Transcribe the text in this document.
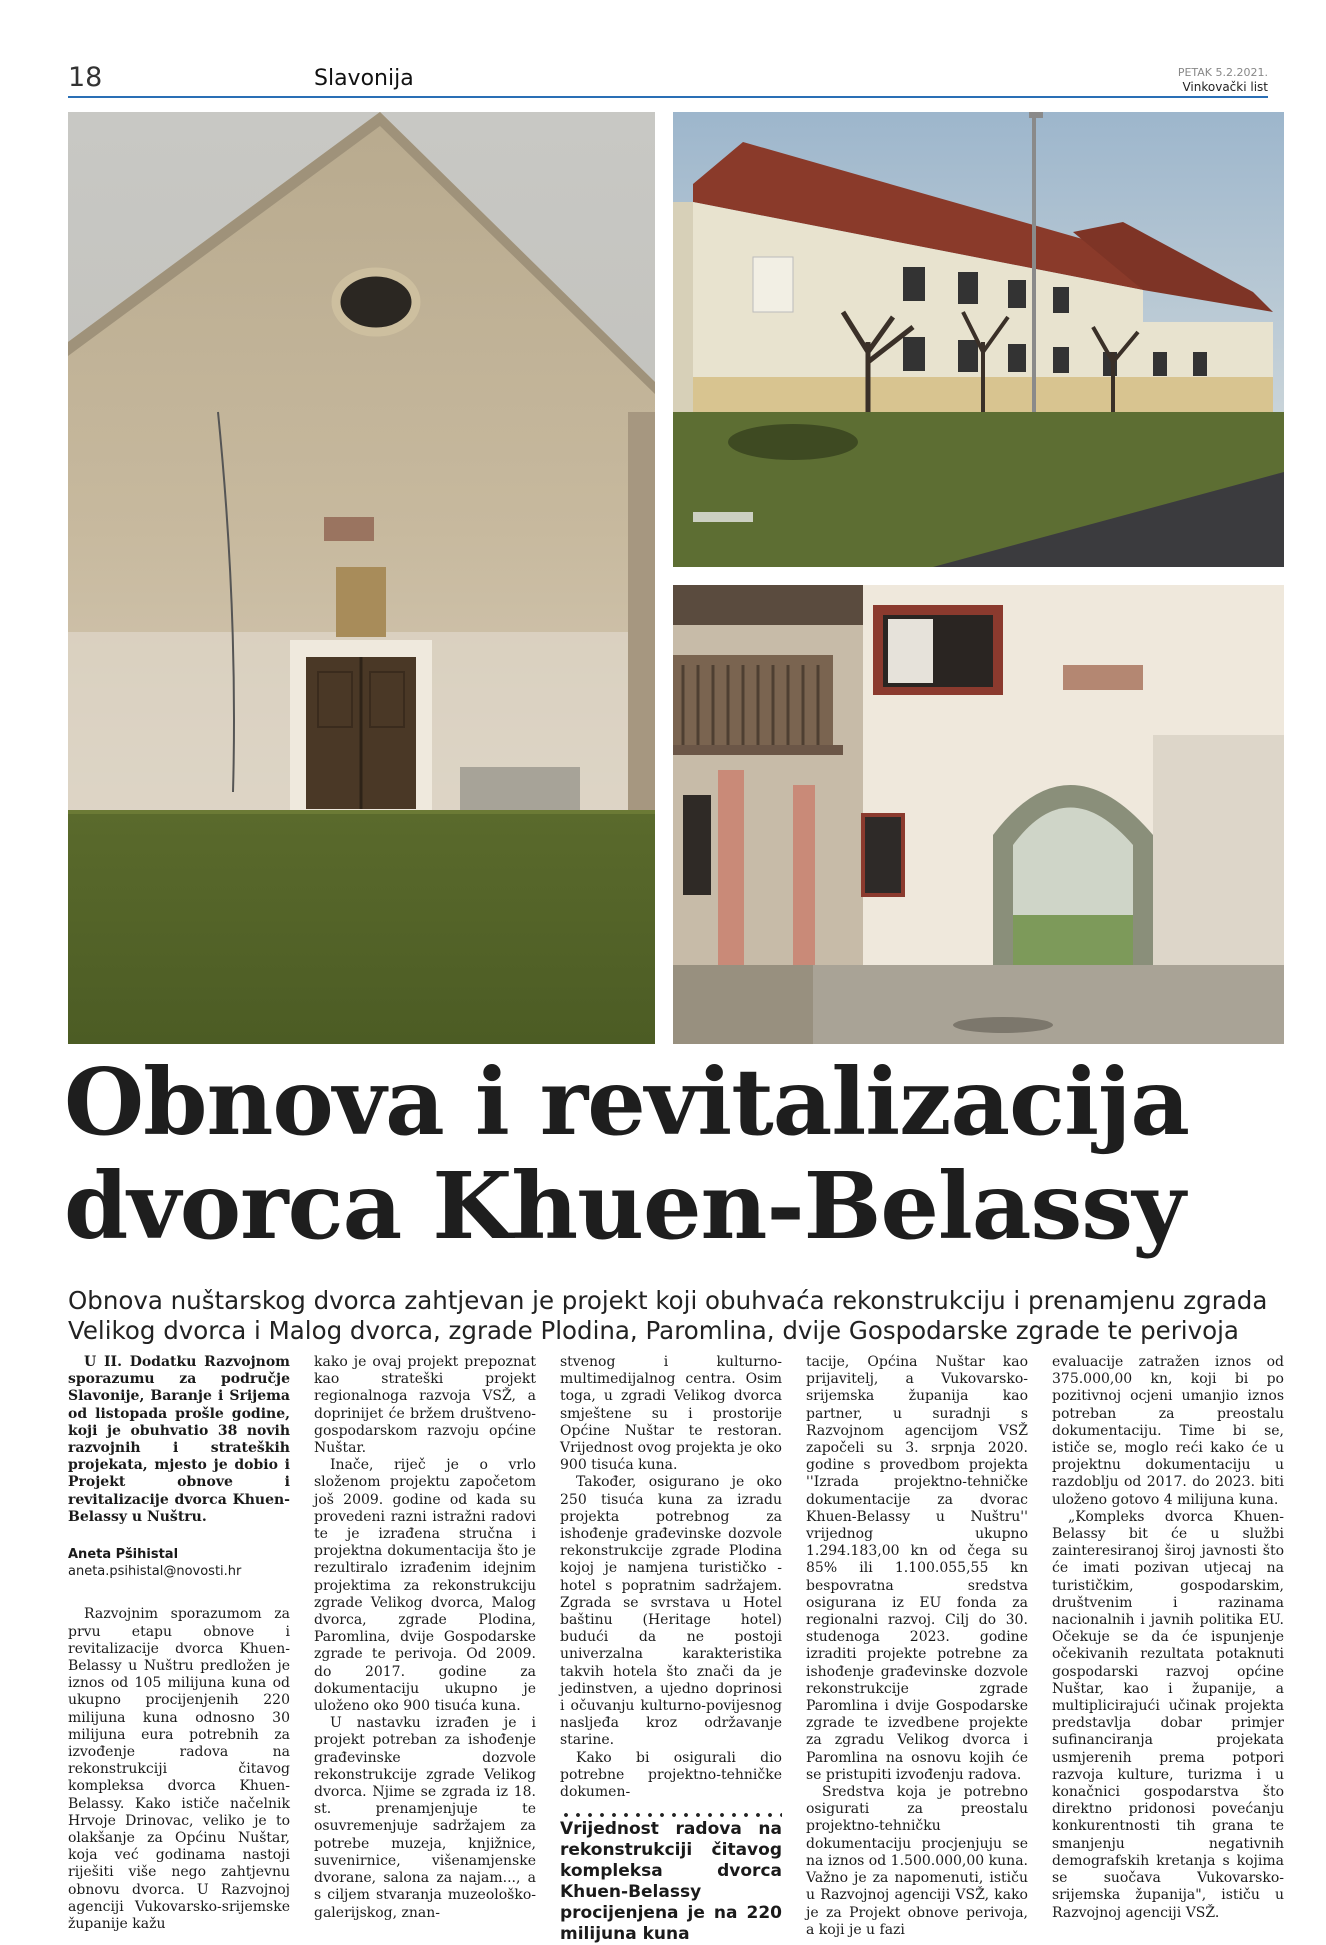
18	Slavonija	PETAK 5.2.2021.
Vinkovački list
Obnova i revitalizacija
dvorca Khuen-Belassy

Obnova nuštarskog dvorca zahtjevan je projekt koji obuhvaća rekonstrukciju i prenamjenu zgrada Velikog dvorca i Malog dvorca, zgrade Plodina, Paromlina, dvije Gospodarske zgrade te perivoja

U II. Dodatku Razvojnom sporazumu za područje Slavonije, Baranje i Srijema od listopada prošle godine, koji je obuhvatio 38 novih razvojnih i strateških projekata, mjesto je dobio i Projekt obnove i revitalizacije dvorca Khuen-Belassy u Nuštru.

Aneta Pšihistal

aneta.psihistal@novosti.hr

Razvojnim sporazumom za prvu etapu obnove i revitalizacije dvorca Khuen-Belassy u Nuštru predložen je iznos od 105 milijuna kuna od ukupno procijenjenih 220 milijuna kuna odnosno 30 milijuna eura potrebnih za izvođenje radova na rekonstrukciji čitavog kompleksa dvorca Khuen-Belassy. Kako ističe načelnik Hrvoje Drinovac, veliko je to olakšanje za Općinu Nuštar, koja već godinama nastoji riješiti više nego zahtjevnu obnovu dvorca. U Razvojnoj agenciji Vukovarsko-srijemske županije kažu

kako je ovaj projekt prepoznat kao strateški projekt regionalnoga razvoja VSŽ, a doprinijet će bržem društveno-gospodarskom razvoju općine Nuštar.

Inače, riječ je o vrlo složenom projektu započetom još 2009. godine od kada su provedeni razni istražni radovi te je izrađena stručna i projektna dokumentacija što je rezultiralo izrađenim idejnim projektima za rekonstrukciju zgrade Velikog dvorca, Malog dvorca, zgrade Plodina, Paromlina, dvije Gospodarske zgrade te perivoja. Od 2009. do 2017. godine za dokumentaciju ukupno je uloženo oko 900 tisuća kuna.

U nastavku izrađen je i projekt potreban za ishođenje građevinske dozvole rekonstrukcije zgrade Velikog dvorca. Njime se zgrada iz 18. st. prenamjenjuje te osuvremenjuje sadržajem za potrebe muzeja, knjižnice, suvenirnice, višenamjenske dvorane, salona za najam..., a s ciljem stvaranja muzeološko-galerijskog, znan-

stvenog i kulturno-multimedijalnog centra. Osim toga, u zgradi Velikog dvorca smještene su i prostorije Općine Nuštar te restoran. Vrijednost ovog projekta je oko 900 tisuća kuna.

Također, osigurano je oko 250 tisuća kuna za izradu projekta potrebnog za ishođenje građevinske dozvole rekonstrukcije zgrade Plodina kojoj je namjena turističko - hotel s popratnim sadržajem. Zgrada se svrstava u Hotel baštinu (Heritage hotel) budući da ne postoji univerzalna karakteristika takvih hotela što znači da je jedinstven, a ujedno doprinosi i očuvanju kulturno-povijesnog nasljeđa kroz održavanje starine.

Kako bi osigurali dio potrebne projektno-tehničke dokumen-

Vrijednost radova na rekonstrukciji čitavog kompleksa dvorca Khuen-Belassy procijenjena je na 220 milijuna kuna

tacije, Općina Nuštar kao prijavitelj, a Vukovarsko-srijemska županija kao partner, u suradnji s Razvojnom agencijom VSŽ započeli su 3. srpnja 2020. godine s provedbom projekta ''Izrada projektno-tehničke dokumentacije za dvorac Khuen-Belassy u Nuštru'' vrijednog ukupno 1.294.183,00 kn od čega su 85% ili 1.100.055,55 kn bespovratna sredstva osigurana iz EU fonda za regionalni razvoj. Cilj do 30. studenoga 2023. godine izraditi projekte potrebne za ishođenje građevinske dozvole rekonstrukcije zgrade Paromlina i dvije Gospodarske zgrade te izvedbene projekte za zgradu Velikog dvorca i Paromlina na osnovu kojih će se pristupiti izvođenju radova.

Sredstva koja je potrebno osigurati za preostalu projektno-tehničku dokumentaciju procjenjuju se na iznos od 1.500.000,00 kuna. Važno je za napomenuti, ističu u Razvojnoj agenciji VSŽ, kako je za Projekt obnove perivoja, a koji je u fazi

evaluacije zatražen iznos od 375.000,00 kn, koji bi po pozitivnoj ocjeni umanjio iznos potreban za preostalu dokumentaciju. Time bi se, ističe se, moglo reći kako će u projektnu dokumentaciju u razdoblju od 2017. do 2023. biti uloženo gotovo 4 milijuna kuna.

„Kompleks dvorca Khuen-Belassy bit će u službi zainteresiranoj široj javnosti što će imati pozivan utjecaj na turističkim, gospodarskim, društvenim i razinama nacionalnih i javnih politika EU. Očekuje se da će ispunjenje očekivanih rezultata potaknuti gospodarski razvoj općine Nuštar, kao i županije, a multiplicirajući učinak projekta predstavlja dobar primjer sufinanciranja projekata usmjerenih prema potpori razvoja kulture, turizma i u konačnici gospodarstva što direktno pridonosi povećanju konkurentnosti tih grana te smanjenju negativnih demografskih kretanja s kojima se suočava Vukovarsko-srijemska županija", ističu u Razvojnoj agenciji VSŽ.
